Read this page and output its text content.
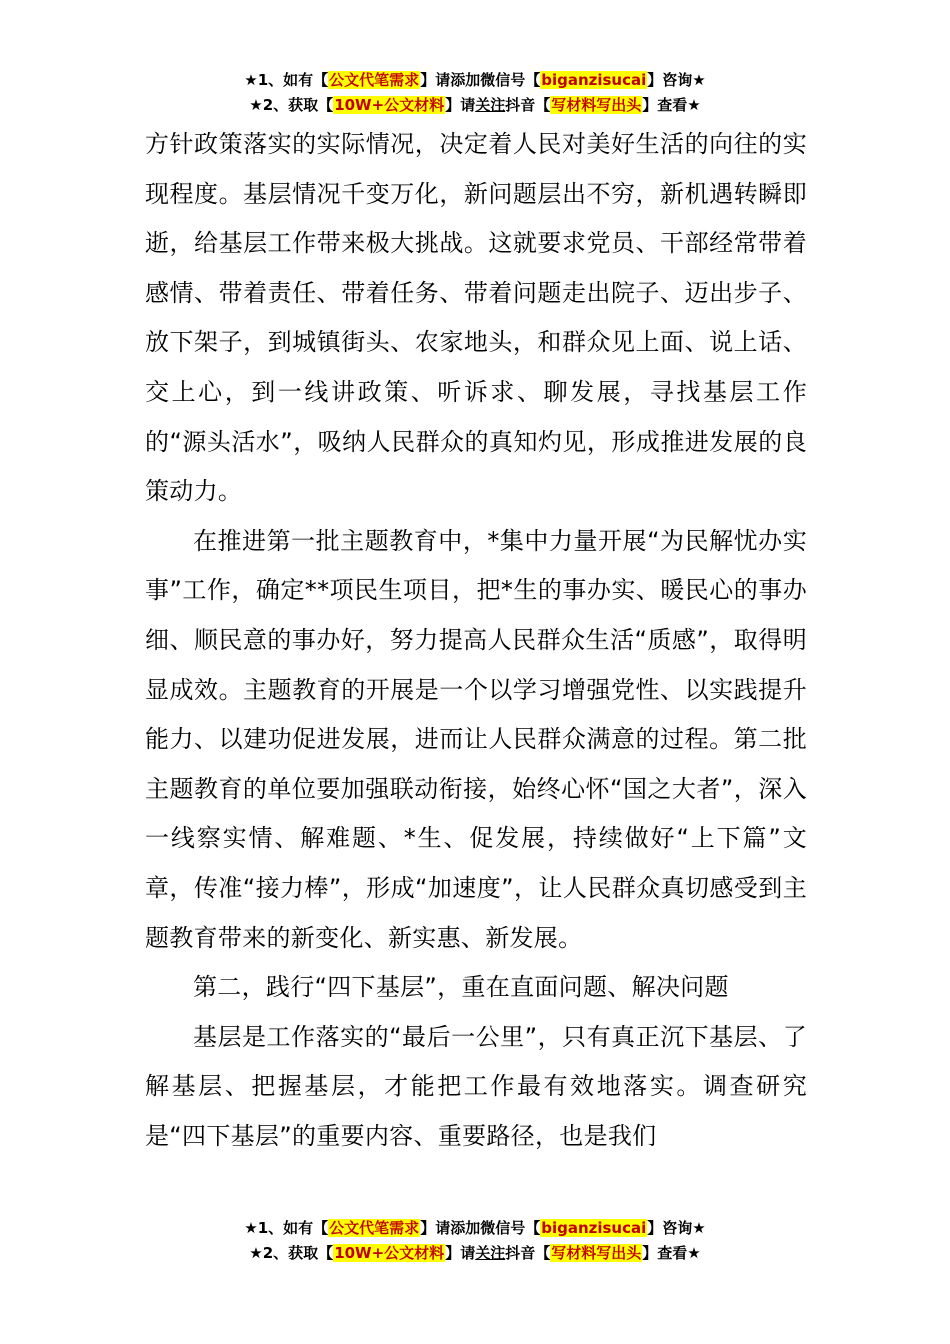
★1、如有【公文代笔需求】请添加微信号【biganzisucai】咨询★
★2、获取【10W+公文材料】请关注抖音【写材料写出头】查看★

方针政策落实的实际情况，决定着人民对美好生活的向往的实现程度。基层情况千变万化，新问题层出不穷，新机遇转瞬即逝，给基层工作带来极大挑战。这就要求党员、干部经常带着感情、带着责任、带着任务、带着问题走出院子、迈出步子、放下架子，到城镇街头、农家地头，和群众见上面、说上话、交上心，到一线讲政策、听诉求、聊发展，寻找基层工作的“源头活水”，吸纳人民群众的真知灼见，形成推进发展的良策动力。

在推进第一批主题教育中，*集中力量开展“为民解忧办实事”工作，确定**项民生项目，把*生的事办实、暖民心的事办细、顺民意的事办好，努力提高人民群众生活“质感”，取得明显成效。主题教育的开展是一个以学习增强党性、以实践提升能力、以建功促进发展，进而让人民群众满意的过程。第二批主题教育的单位要加强联动衔接，始终心怀“国之大者”，深入一线察实情、解难题、*生、促发展，持续做好“上下篇”文章，传准“接力棒”，形成“加速度”，让人民群众真切感受到主题教育带来的新变化、新实惠、新发展。

第二，践行“四下基层”，重在直面问题、解决问题

基层是工作落实的“最后一公里”，只有真正沉下基层、了解基层、把握基层，才能把工作最有效地落实。调查研究是“四下基层”的重要内容、重要路径，也是我们

★1、如有【公文代笔需求】请添加微信号【biganzisucai】咨询★
★2、获取【10W+公文材料】请关注抖音【写材料写出头】查看★
